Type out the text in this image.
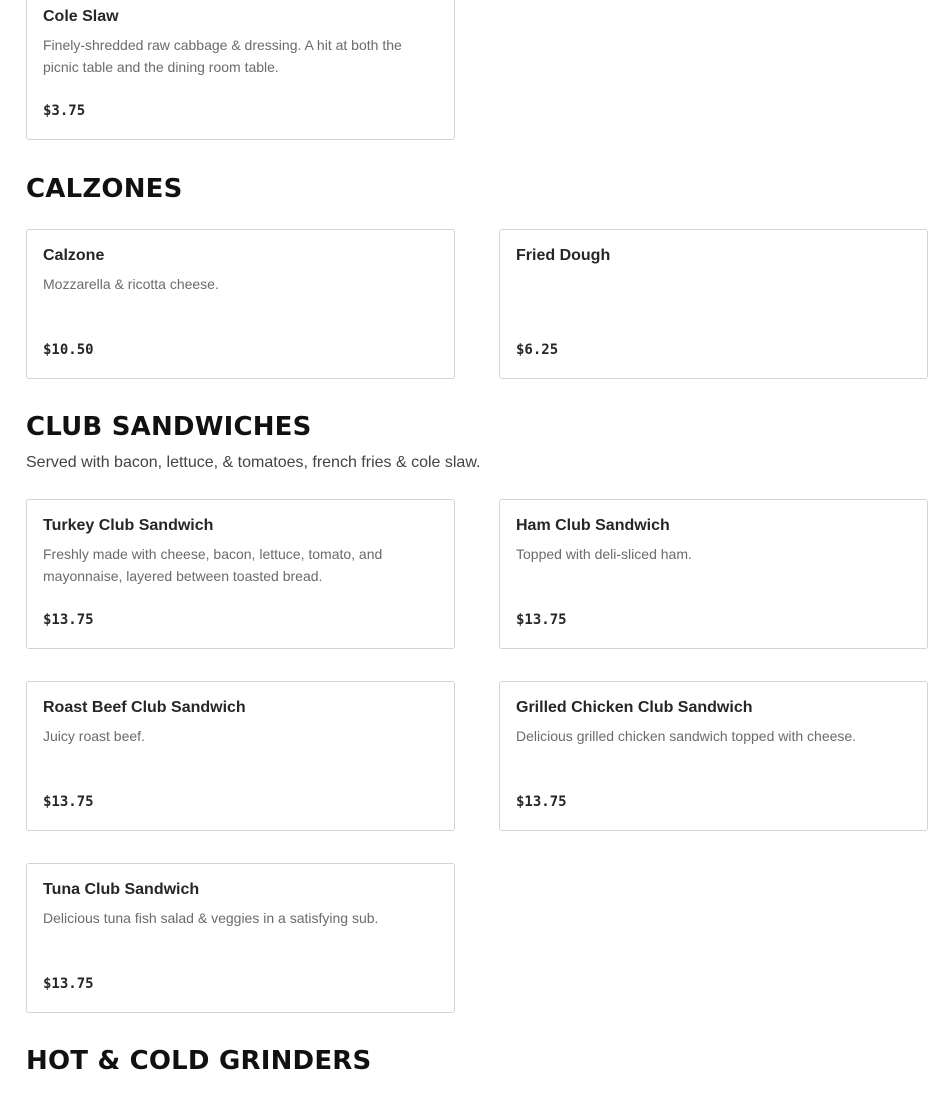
Cole Slaw
Finely-shredded raw cabbage & dressing. A hit at both the picnic table and the dining room table.
$3.75
CALZONES
Calzone
Mozzarella & ricotta cheese.
$10.50
Fried Dough
$6.25
CLUB SANDWICHES
Served with bacon, lettuce, & tomatoes, french fries & cole slaw.
Turkey Club Sandwich
Freshly made with cheese, bacon, lettuce, tomato, and mayonnaise, layered between toasted bread.
$13.75
Ham Club Sandwich
Topped with deli-sliced ham.
$13.75
Roast Beef Club Sandwich
Juicy roast beef.
$13.75
Grilled Chicken Club Sandwich
Delicious grilled chicken sandwich topped with cheese.
$13.75
Tuna Club Sandwich
Delicious tuna fish salad & veggies in a satisfying sub.
$13.75
HOT & COLD GRINDERS
